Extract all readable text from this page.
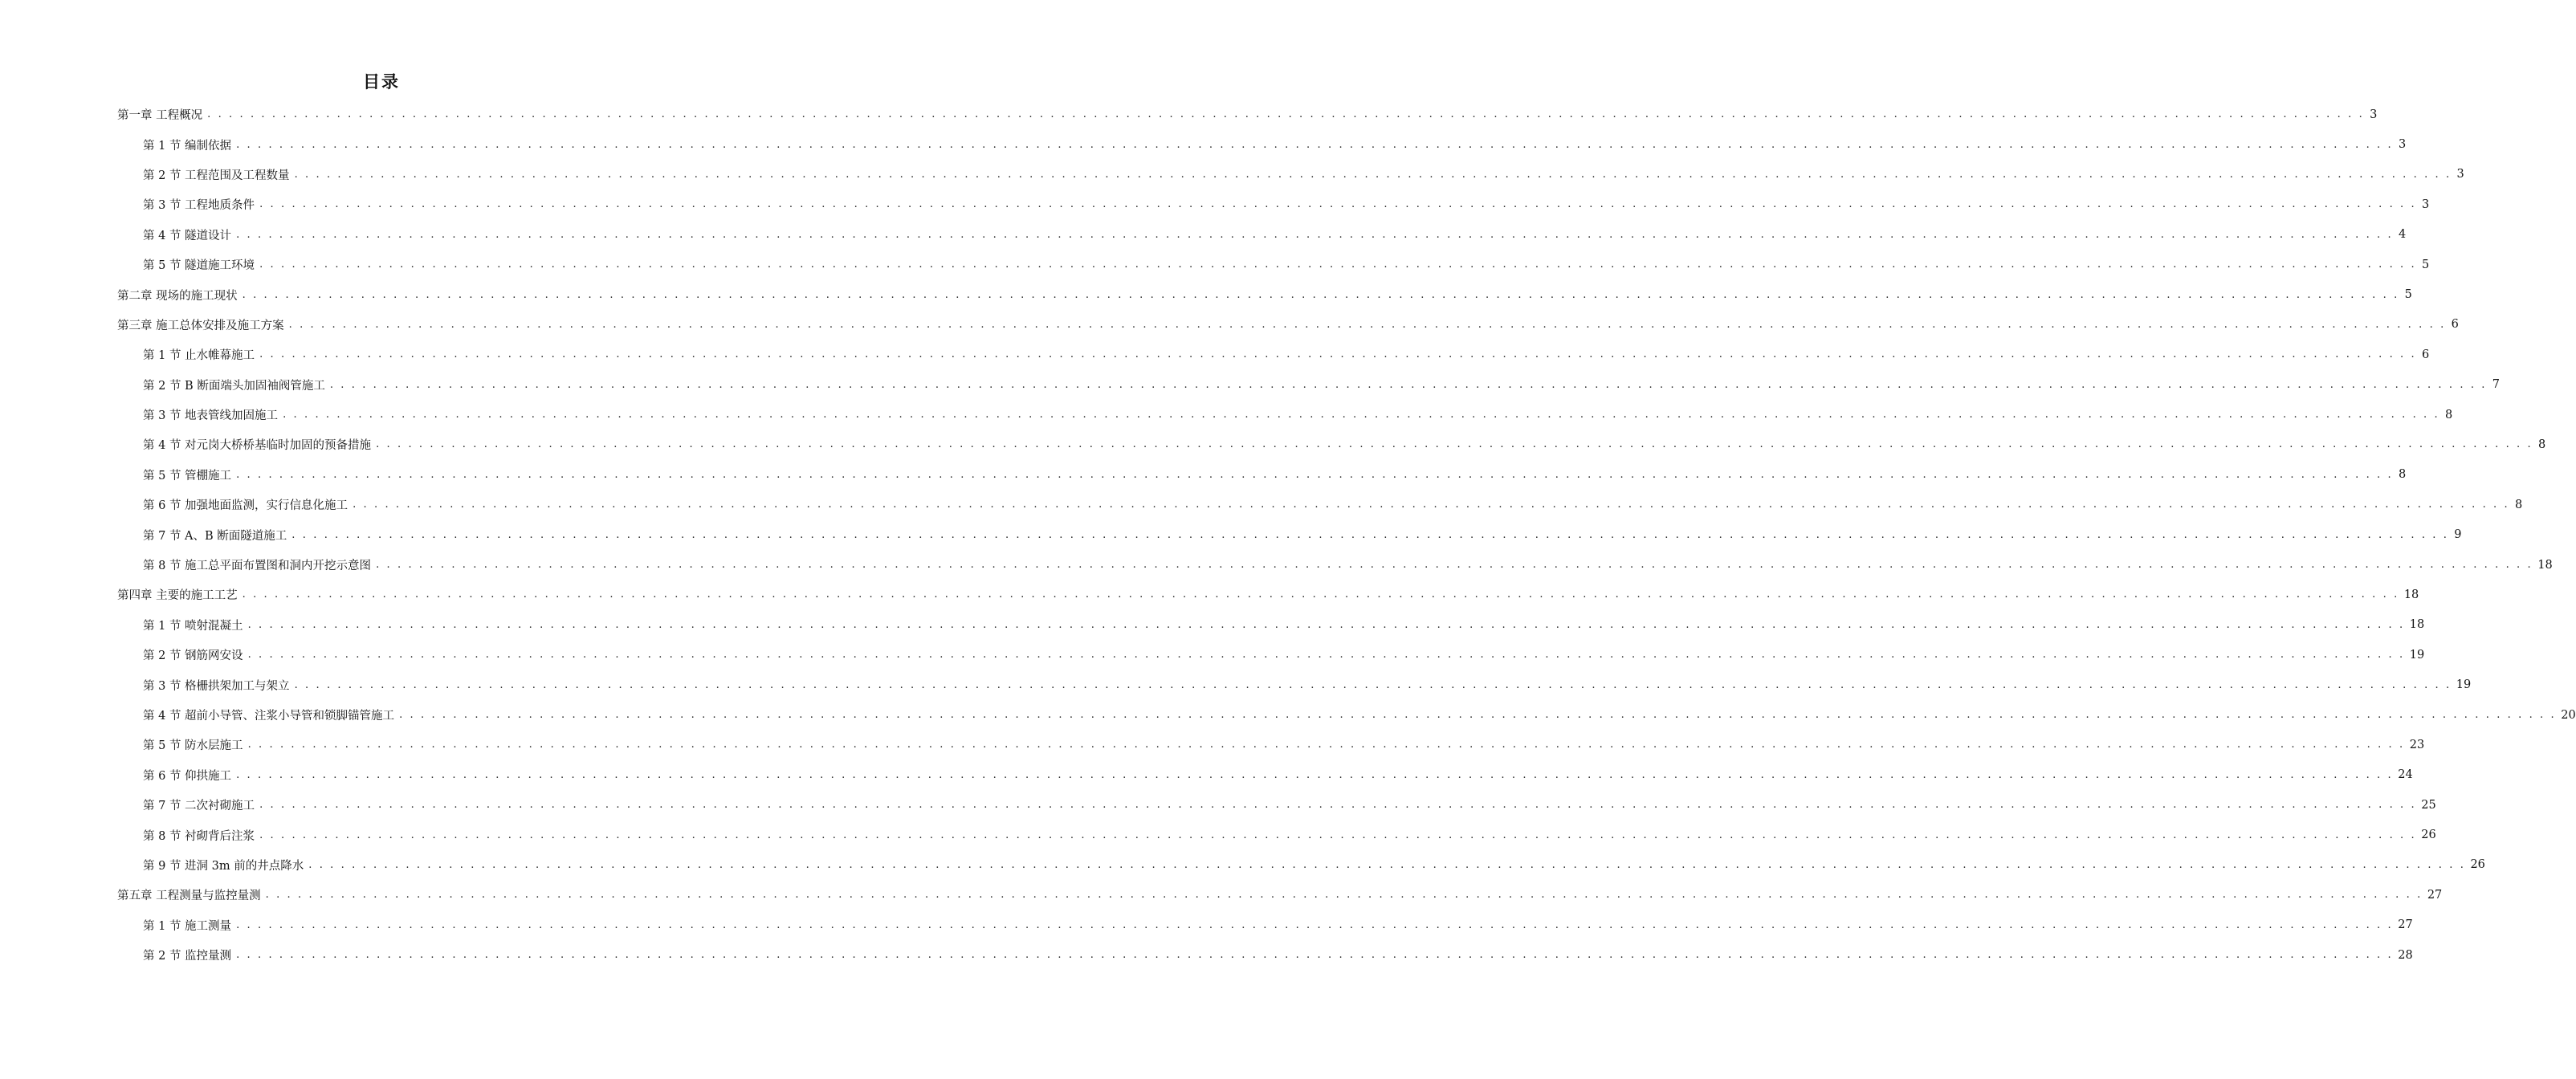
目录
第一章 工程概况 . . . . . . . . . . . . . . . . . . . . . . . . . . . . . . . . . . . . . . . . . . . . . . . . . . . . . . . . . . . . . . . . . . . . . . . . . . . . . . . . . . . . . . . . . . . . . . . . . . . . . . . . . . . . . . . . . . . . . . . . . . . . . . . . . . . . . . . . . . . . . . . . . . . . . . . . . . . . . . . . . . . . . . . . . . . . . . . . . . . . . . . . . . . . . . . . . . . . . . . . 3
第 1 节 编制依据 . . . . . . . . . . . . . . . . . . . . . . . . . . . . . . . . . . . . . . . . . . . . . . . . . . . . . . . . . . . . . . . . . . . . . . . . . . . . . . . . . . . . . . . . . . . . . . . . . . . . . . . . . . . . . . . . . . . . . . . . . . . . . . . . . . . . . . . . . . . . . . . . . . . . . . . . . . . . . . . . . . . . . . . . . . . . . . . . . . . . . . . . . . . . . . . . . . . . . . . . 3
第 2 节 工程范围及工程数量 . . . . . . . . . . . . . . . . . . . . . . . . . . . . . . . . . . . . . . . . . . . . . . . . . . . . . . . . . . . . . . . . . . . . . . . . . . . . . . . . . . . . . . . . . . . . . . . . . . . . . . . . . . . . . . . . . . . . . . . . . . . . . . . . . . . . . . . . . . . . . . . . . . . . . . . . . . . . . . . . . . . . . . . . . . . . . . . . . . . . . . . . . . . . . . . . . . . . . . . . 3
第 3 节 工程地质条件 . . . . . . . . . . . . . . . . . . . . . . . . . . . . . . . . . . . . . . . . . . . . . . . . . . . . . . . . . . . . . . . . . . . . . . . . . . . . . . . . . . . . . . . . . . . . . . . . . . . . . . . . . . . . . . . . . . . . . . . . . . . . . . . . . . . . . . . . . . . . . . . . . . . . . . . . . . . . . . . . . . . . . . . . . . . . . . . . . . . . . . . . . . . . . . . . . . . . . . . . 3
第 4 节 隧道设计 . . . . . . . . . . . . . . . . . . . . . . . . . . . . . . . . . . . . . . . . . . . . . . . . . . . . . . . . . . . . . . . . . . . . . . . . . . . . . . . . . . . . . . . . . . . . . . . . . . . . . . . . . . . . . . . . . . . . . . . . . . . . . . . . . . . . . . . . . . . . . . . . . . . . . . . . . . . . . . . . . . . . . . . . . . . . . . . . . . . . . . . . . . . . . . . . . . . . . . . . 4
第 5 节 隧道施工环境 . . . . . . . . . . . . . . . . . . . . . . . . . . . . . . . . . . . . . . . . . . . . . . . . . . . . . . . . . . . . . . . . . . . . . . . . . . . . . . . . . . . . . . . . . . . . . . . . . . . . . . . . . . . . . . . . . . . . . . . . . . . . . . . . . . . . . . . . . . . . . . . . . . . . . . . . . . . . . . . . . . . . . . . . . . . . . . . . . . . . . . . . . . . . . . . . . . . . . . . . 5
第二章 现场的施工现状 . . . . . . . . . . . . . . . . . . . . . . . . . . . . . . . . . . . . . . . . . . . . . . . . . . . . . . . . . . . . . . . . . . . . . . . . . . . . . . . . . . . . . . . . . . . . . . . . . . . . . . . . . . . . . . . . . . . . . . . . . . . . . . . . . . . . . . . . . . . . . . . . . . . . . . . . . . . . . . . . . . . . . . . . . . . . . . . . . . . . . . . . . . . . . . . . . . . . . . . . 5
第三章 施工总体安排及施工方案 . . . . . . . . . . . . . . . . . . . . . . . . . . . . . . . . . . . . . . . . . . . . . . . . . . . . . . . . . . . . . . . . . . . . . . . . . . . . . . . . . . . . . . . . . . . . . . . . . . . . . . . . . . . . . . . . . . . . . . . . . . . . . . . . . . . . . . . . . . . . . . . . . . . . . . . . . . . . . . . . . . . . . . . . . . . . . . . . . . . . . . . . . . . . . . . . . . . . . . . . 6
第 1 节 止水帷幕施工 . . . . . . . . . . . . . . . . . . . . . . . . . . . . . . . . . . . . . . . . . . . . . . . . . . . . . . . . . . . . . . . . . . . . . . . . . . . . . . . . . . . . . . . . . . . . . . . . . . . . . . . . . . . . . . . . . . . . . . . . . . . . . . . . . . . . . . . . . . . . . . . . . . . . . . . . . . . . . . . . . . . . . . . . . . . . . . . . . . . . . . . . . . . . . . . . . . . . . . . . 6
第 2 节 B 断面端头加固袖阀管施工 . . . . . . . . . . . . . . . . . . . . . . . . . . . . . . . . . . . . . . . . . . . . . . . . . . . . . . . . . . . . . . . . . . . . . . . . . . . . . . . . . . . . . . . . . . . . . . . . . . . . . . . . . . . . . . . . . . . . . . . . . . . . . . . . . . . . . . . . . . . . . . . . . . . . . . . . . . . . . . . . . . . . . . . . . . . . . . . . . . . . . . . . . . . . . . . . . . . . . . . . 7
第 3 节 地表管线加固施工 . . . . . . . . . . . . . . . . . . . . . . . . . . . . . . . . . . . . . . . . . . . . . . . . . . . . . . . . . . . . . . . . . . . . . . . . . . . . . . . . . . . . . . . . . . . . . . . . . . . . . . . . . . . . . . . . . . . . . . . . . . . . . . . . . . . . . . . . . . . . . . . . . . . . . . . . . . . . . . . . . . . . . . . . . . . . . . . . . . . . . . . . . . . . . . . . . . . . . . . . 8
第 4 节 对元岗大桥桥基临时加固的预备措施 . . . . . . . . . . . . . . . . . . . . . . . . . . . . . . . . . . . . . . . . . . . . . . . . . . . . . . . . . . . . . . . . . . . . . . . . . . . . . . . . . . . . . . . . . . . . . . . . . . . . . . . . . . . . . . . . . . . . . . . . . . . . . . . . . . . . . . . . . . . . . . . . . . . . . . . . . . . . . . . . . . . . . . . . . . . . . . . . . . . . . . . . . . . . . . . . . . . . . . . . 8
第 5 节 管棚施工 . . . . . . . . . . . . . . . . . . . . . . . . . . . . . . . . . . . . . . . . . . . . . . . . . . . . . . . . . . . . . . . . . . . . . . . . . . . . . . . . . . . . . . . . . . . . . . . . . . . . . . . . . . . . . . . . . . . . . . . . . . . . . . . . . . . . . . . . . . . . . . . . . . . . . . . . . . . . . . . . . . . . . . . . . . . . . . . . . . . . . . . . . . . . . . . . . . . . . . . . 8
第 6 节 加强地面监测，实行信息化施工 . . . . . . . . . . . . . . . . . . . . . . . . . . . . . . . . . . . . . . . . . . . . . . . . . . . . . . . . . . . . . . . . . . . . . . . . . . . . . . . . . . . . . . . . . . . . . . . . . . . . . . . . . . . . . . . . . . . . . . . . . . . . . . . . . . . . . . . . . . . . . . . . . . . . . . . . . . . . . . . . . . . . . . . . . . . . . . . . . . . . . . . . . . . . . . . . . . . . . . . . 8
第 7 节 A、B 断面隧道施工 . . . . . . . . . . . . . . . . . . . . . . . . . . . . . . . . . . . . . . . . . . . . . . . . . . . . . . . . . . . . . . . . . . . . . . . . . . . . . . . . . . . . . . . . . . . . . . . . . . . . . . . . . . . . . . . . . . . . . . . . . . . . . . . . . . . . . . . . . . . . . . . . . . . . . . . . . . . . . . . . . . . . . . . . . . . . . . . . . . . . . . . . . . . . . . . . . . . . . . . . 9
第 8 节 施工总平面布置图和洞内开挖示意图 . . . . . . . . . . . . . . . . . . . . . . . . . . . . . . . . . . . . . . . . . . . . . . . . . . . . . . . . . . . . . . . . . . . . . . . . . . . . . . . . . . . . . . . . . . . . . . . . . . . . . . . . . . . . . . . . . . . . . . . . . . . . . . . . . . . . . . . . . . . . . . . . . . . . . . . . . . . . . . . . . . . . . . . . . . . . . . . . . . . . . . . . . . . . . . . . . . . . . . . . 18
第四章 主要的施工工艺 . . . . . . . . . . . . . . . . . . . . . . . . . . . . . . . . . . . . . . . . . . . . . . . . . . . . . . . . . . . . . . . . . . . . . . . . . . . . . . . . . . . . . . . . . . . . . . . . . . . . . . . . . . . . . . . . . . . . . . . . . . . . . . . . . . . . . . . . . . . . . . . . . . . . . . . . . . . . . . . . . . . . . . . . . . . . . . . . . . . . . . . . . . . . . . . . . . . . . . . . 18
第 1 节 喷射混凝土 . . . . . . . . . . . . . . . . . . . . . . . . . . . . . . . . . . . . . . . . . . . . . . . . . . . . . . . . . . . . . . . . . . . . . . . . . . . . . . . . . . . . . . . . . . . . . . . . . . . . . . . . . . . . . . . . . . . . . . . . . . . . . . . . . . . . . . . . . . . . . . . . . . . . . . . . . . . . . . . . . . . . . . . . . . . . . . . . . . . . . . . . . . . . . . . . . . . . . . . . 18
第 2 节 钢筋网安设 . . . . . . . . . . . . . . . . . . . . . . . . . . . . . . . . . . . . . . . . . . . . . . . . . . . . . . . . . . . . . . . . . . . . . . . . . . . . . . . . . . . . . . . . . . . . . . . . . . . . . . . . . . . . . . . . . . . . . . . . . . . . . . . . . . . . . . . . . . . . . . . . . . . . . . . . . . . . . . . . . . . . . . . . . . . . . . . . . . . . . . . . . . . . . . . . . . . . . . . . 19
第 3 节 格栅拱架加工与架立 . . . . . . . . . . . . . . . . . . . . . . . . . . . . . . . . . . . . . . . . . . . . . . . . . . . . . . . . . . . . . . . . . . . . . . . . . . . . . . . . . . . . . . . . . . . . . . . . . . . . . . . . . . . . . . . . . . . . . . . . . . . . . . . . . . . . . . . . . . . . . . . . . . . . . . . . . . . . . . . . . . . . . . . . . . . . . . . . . . . . . . . . . . . . . . . . . . . . . . . . 19
第 4 节 超前小导管、注浆小导管和锁脚锚管施工 . . . . . . . . . . . . . . . . . . . . . . . . . . . . . . . . . . . . . . . . . . . . . . . . . . . . . . . . . . . . . . . . . . . . . . . . . . . . . . . . . . . . . . . . . . . . . . . . . . . . . . . . . . . . . . . . . . . . . . . . . . . . . . . . . . . . . . . . . . . . . . . . . . . . . . . . . . . . . . . . . . . . . . . . . . . . . . . . . . . . . . . . . . . . . . . . . . . . . . . . 20
第 5 节 防水层施工 . . . . . . . . . . . . . . . . . . . . . . . . . . . . . . . . . . . . . . . . . . . . . . . . . . . . . . . . . . . . . . . . . . . . . . . . . . . . . . . . . . . . . . . . . . . . . . . . . . . . . . . . . . . . . . . . . . . . . . . . . . . . . . . . . . . . . . . . . . . . . . . . . . . . . . . . . . . . . . . . . . . . . . . . . . . . . . . . . . . . . . . . . . . . . . . . . . . . . . . . 23
第 6 节 仰拱施工 . . . . . . . . . . . . . . . . . . . . . . . . . . . . . . . . . . . . . . . . . . . . . . . . . . . . . . . . . . . . . . . . . . . . . . . . . . . . . . . . . . . . . . . . . . . . . . . . . . . . . . . . . . . . . . . . . . . . . . . . . . . . . . . . . . . . . . . . . . . . . . . . . . . . . . . . . . . . . . . . . . . . . . . . . . . . . . . . . . . . . . . . . . . . . . . . . . . . . . . . 24
第 7 节 二次衬砌施工 . . . . . . . . . . . . . . . . . . . . . . . . . . . . . . . . . . . . . . . . . . . . . . . . . . . . . . . . . . . . . . . . . . . . . . . . . . . . . . . . . . . . . . . . . . . . . . . . . . . . . . . . . . . . . . . . . . . . . . . . . . . . . . . . . . . . . . . . . . . . . . . . . . . . . . . . . . . . . . . . . . . . . . . . . . . . . . . . . . . . . . . . . . . . . . . . . . . . . . . . 25
第 8 节 衬砌背后注浆 . . . . . . . . . . . . . . . . . . . . . . . . . . . . . . . . . . . . . . . . . . . . . . . . . . . . . . . . . . . . . . . . . . . . . . . . . . . . . . . . . . . . . . . . . . . . . . . . . . . . . . . . . . . . . . . . . . . . . . . . . . . . . . . . . . . . . . . . . . . . . . . . . . . . . . . . . . . . . . . . . . . . . . . . . . . . . . . . . . . . . . . . . . . . . . . . . . . . . . . . 26
第 9 节 进洞 3m 前的井点降水 . . . . . . . . . . . . . . . . . . . . . . . . . . . . . . . . . . . . . . . . . . . . . . . . . . . . . . . . . . . . . . . . . . . . . . . . . . . . . . . . . . . . . . . . . . . . . . . . . . . . . . . . . . . . . . . . . . . . . . . . . . . . . . . . . . . . . . . . . . . . . . . . . . . . . . . . . . . . . . . . . . . . . . . . . . . . . . . . . . . . . . . . . . . . . . . . . . . . . . . . 26
第五章 工程测量与监控量测 . . . . . . . . . . . . . . . . . . . . . . . . . . . . . . . . . . . . . . . . . . . . . . . . . . . . . . . . . . . . . . . . . . . . . . . . . . . . . . . . . . . . . . . . . . . . . . . . . . . . . . . . . . . . . . . . . . . . . . . . . . . . . . . . . . . . . . . . . . . . . . . . . . . . . . . . . . . . . . . . . . . . . . . . . . . . . . . . . . . . . . . . . . . . . . . . . . . . . . . . 27
第 1 节 施工测量 . . . . . . . . . . . . . . . . . . . . . . . . . . . . . . . . . . . . . . . . . . . . . . . . . . . . . . . . . . . . . . . . . . . . . . . . . . . . . . . . . . . . . . . . . . . . . . . . . . . . . . . . . . . . . . . . . . . . . . . . . . . . . . . . . . . . . . . . . . . . . . . . . . . . . . . . . . . . . . . . . . . . . . . . . . . . . . . . . . . . . . . . . . . . . . . . . . . . . . . . 27
第 2 节 监控量测 . . . . . . . . . . . . . . . . . . . . . . . . . . . . . . . . . . . . . . . . . . . . . . . . . . . . . . . . . . . . . . . . . . . . . . . . . . . . . . . . . . . . . . . . . . . . . . . . . . . . . . . . . . . . . . . . . . . . . . . . . . . . . . . . . . . . . . . . . . . . . . . . . . . . . . . . . . . . . . . . . . . . . . . . . . . . . . . . . . . . . . . . . . . . . . . . . . . . . . . . 28
